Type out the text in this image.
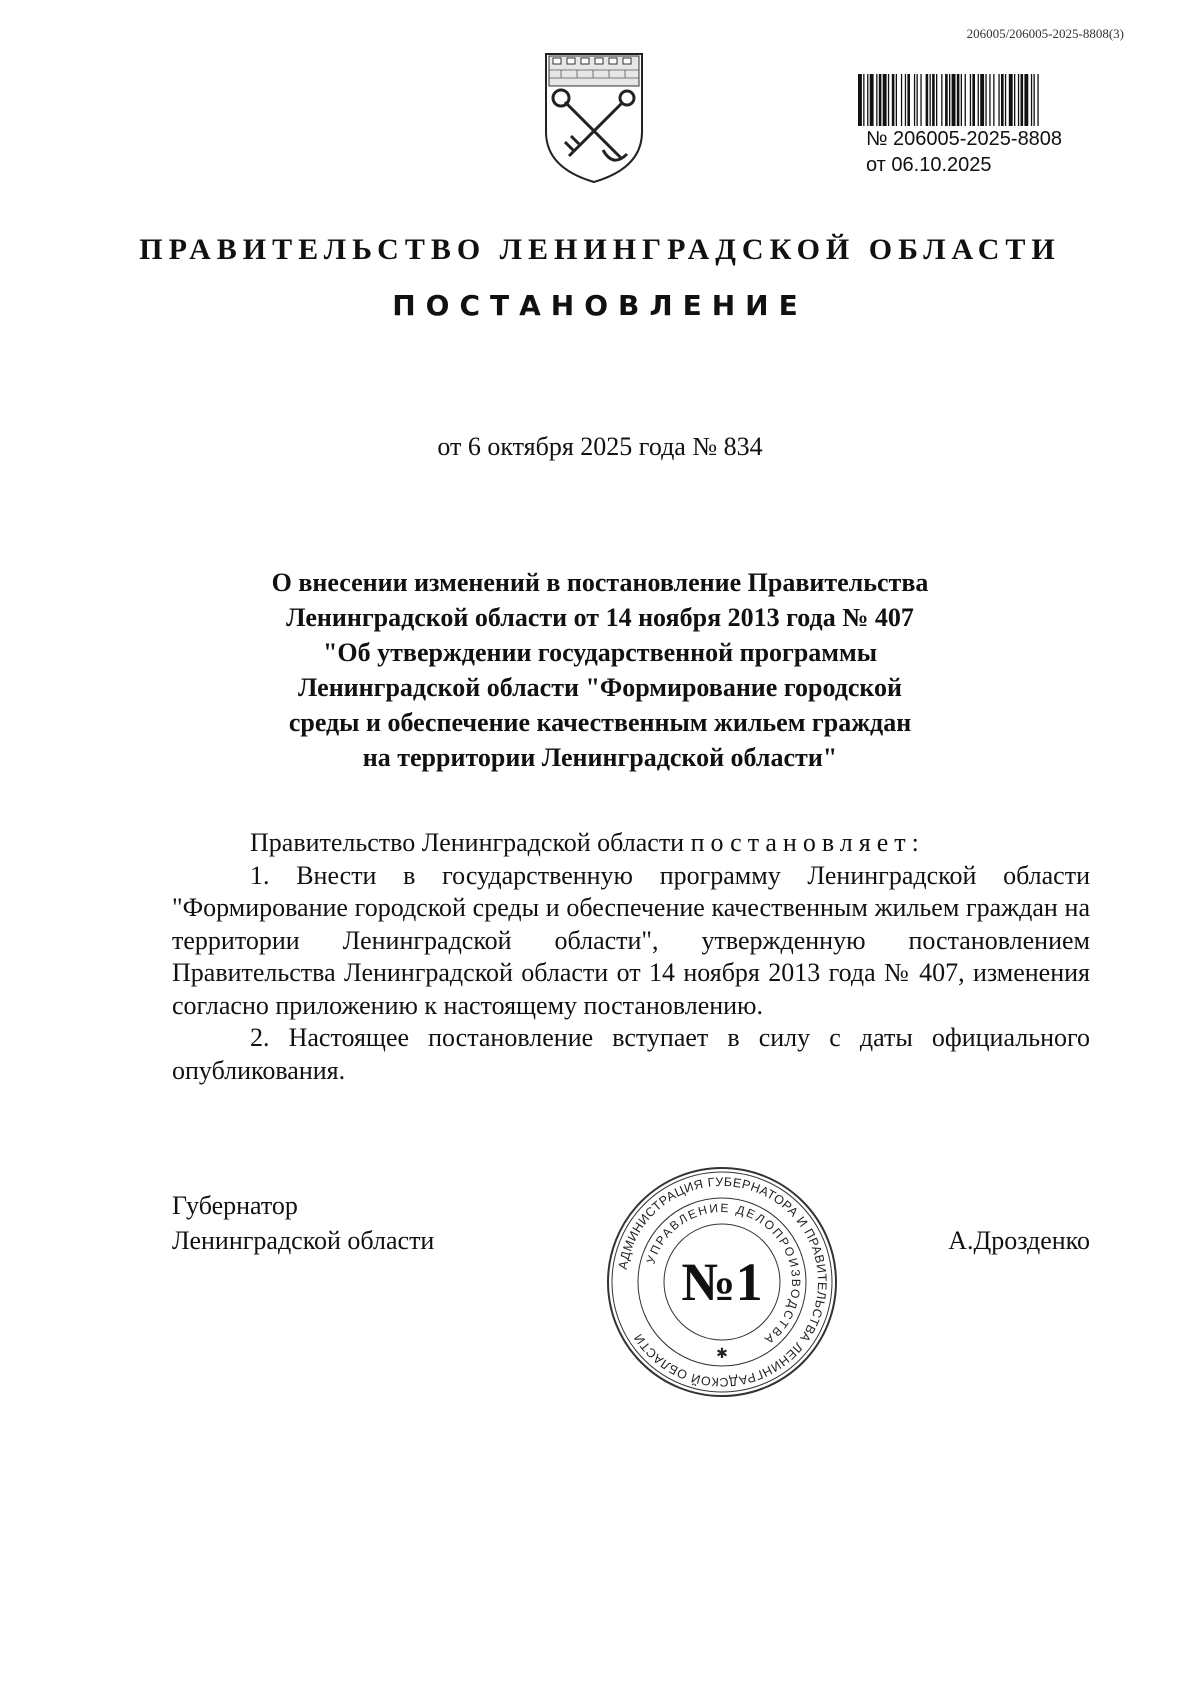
206005/206005-2025-8808(3)
№ 206005-2025-8808
от 06.10.2025
ПРАВИТЕЛЬСТВО ЛЕНИНГРАДСКОЙ ОБЛАСТИ
ПОСТАНОВЛЕНИЕ
от 6 октября 2025 года № 834
О внесении изменений в постановление Правительства
Ленинградской области от 14 ноября 2013 года № 407
"Об утверждении государственной программы
Ленинградской области "Формирование городской
среды и обеспечение качественным жильем граждан
на территории Ленинградской области"

Правительство Ленинградской области постановляет:

1. Внести в государственную программу Ленинградской области "Формирование городской среды и обеспечение качественным жильем граждан на территории Ленинградской области", утвержденную постановлением Правительства Ленинградской области от 14 ноября 2013 года № 407, изменения согласно приложению к настоящему постановлению.

2. Настоящее постановление вступает в силу с даты официального опубликования.

Губернатор
Ленинградской области	А.Дрозденко
АДМИНИСТРАЦИЯ ГУБЕРНАТОРА И ПРАВИТЕЛЬСТВА ЛЕНИНГРАДСКОЙ ОБЛАСТИ
УПРАВЛЕНИЕ ДЕЛОПРОИЗВОДСТВА
№1
✱
